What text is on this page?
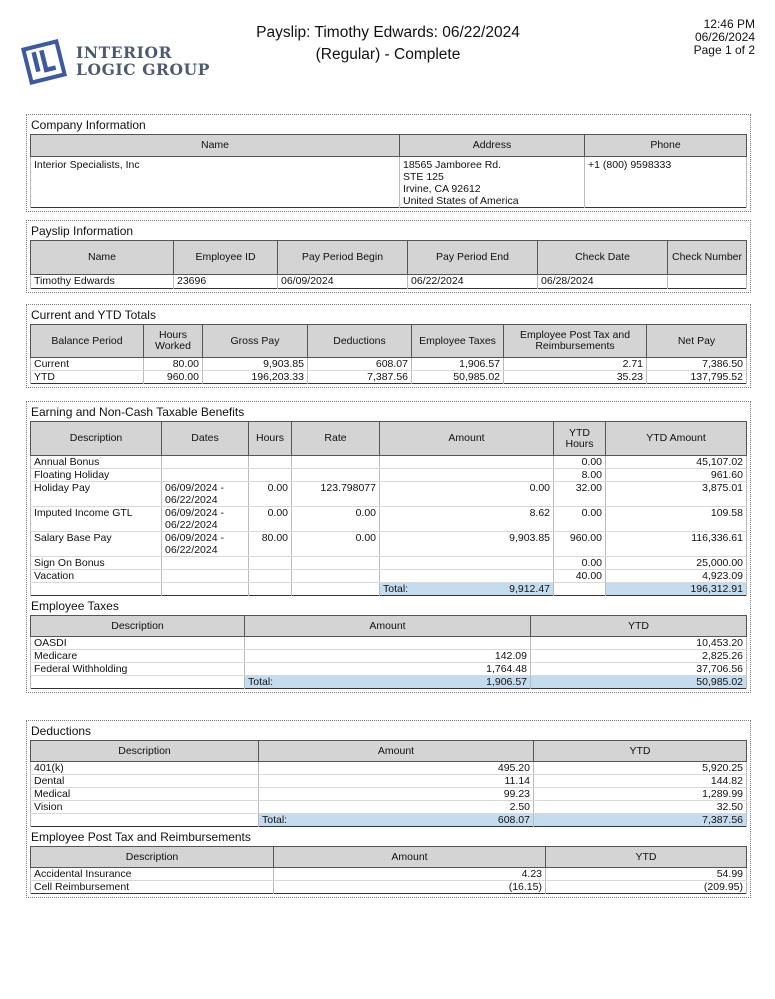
INTERIOR
LOGIC GROUP
Payslip: Timothy Edwards: 06/22/2024
(Regular) - Complete
12:46 PM
06/26/2024
Page 1 of 2
Company Information
Name	Address	Phone
Interior Specialists, Inc	18565 Jamboree Rd.
STE 125
Irvine, CA 92612
United States of America	+1 (800) 9598333
Payslip Information
Name	Employee ID	Pay Period Begin	Pay Period End	Check Date	Check Number
Timothy Edwards	23696	06/09/2024	06/22/2024	06/28/2024	
Current and YTD Totals
Balance Period	Hours Worked	Gross Pay	Deductions	Employee Taxes	Employee Post Tax and Reimbursements	Net Pay
Current	80.00	9,903.85	608.07	1,906.57	2.71	7,386.50
YTD	960.00	196,203.33	7,387.56	50,985.02	35.23	137,795.52
Earning and Non-Cash Taxable Benefits
Description	Dates	Hours	Rate	Amount	YTD Hours	YTD Amount
Annual Bonus					0.00	45,107.02
Floating Holiday					8.00	961.60
Holiday Pay	06/09/2024 - 06/22/2024	0.00	123.798077	0.00	32.00	3,875.01
Imputed Income GTL	06/09/2024 - 06/22/2024	0.00	0.00	8.62	0.00	109.58
Salary Base Pay	06/09/2024 - 06/22/2024	80.00	0.00	9,903.85	960.00	116,336.61
Sign On Bonus					0.00	25,000.00
Vacation					40.00	4,923.09

				Total: 9,912.47		196,312.91
Employee Taxes
Description	Amount	YTD
OASDI		10,453.20
Medicare	142.09	2,825.26
Federal Withholding	1,764.48	37,706.56

	Total: 1,906.57	50,985.02
Deductions
Description	Amount	YTD
401(k)	495.20	5,920.25
Dental	11.14	144.82
Medical	99.23	1,289.99
Vision	2.50	32.50

	Total: 608.07	7,387.56
Employee Post Tax and Reimbursements
Description	Amount	YTD
Accidental Insurance	4.23	54.99
Cell Reimbursement	(16.15)	(209.95)
